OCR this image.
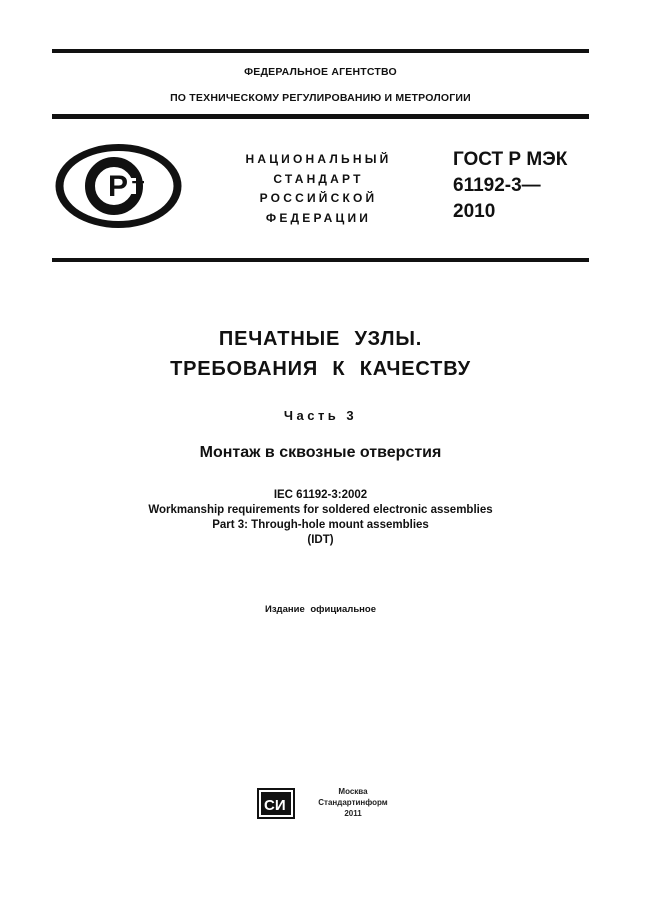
ФЕДЕРАЛЬНОЕ АГЕНТСТВО
ПО ТЕХНИЧЕСКОМУ РЕГУЛИРОВАНИЮ И МЕТРОЛОГИИ
Р Т
НАЦИОНАЛЬНЫЙ
СТАНДАРТ
РОССИЙСКОЙ
ФЕДЕРАЦИИ
ГОСТ Р МЭК
61192-3—
2010
ПЕЧАТНЫЕ УЗЛЫ.
ТРЕБОВАНИЯ К КАЧЕСТВУ
Часть 3
Монтаж в сквозные отверстия
IEC 61192-3:2002
Workmanship requirements for soldered electronic assemblies
Part 3: Through-hole mount assemblies
(IDT)
Издание официальное
СИ
Москва
Стандартинформ
2011
